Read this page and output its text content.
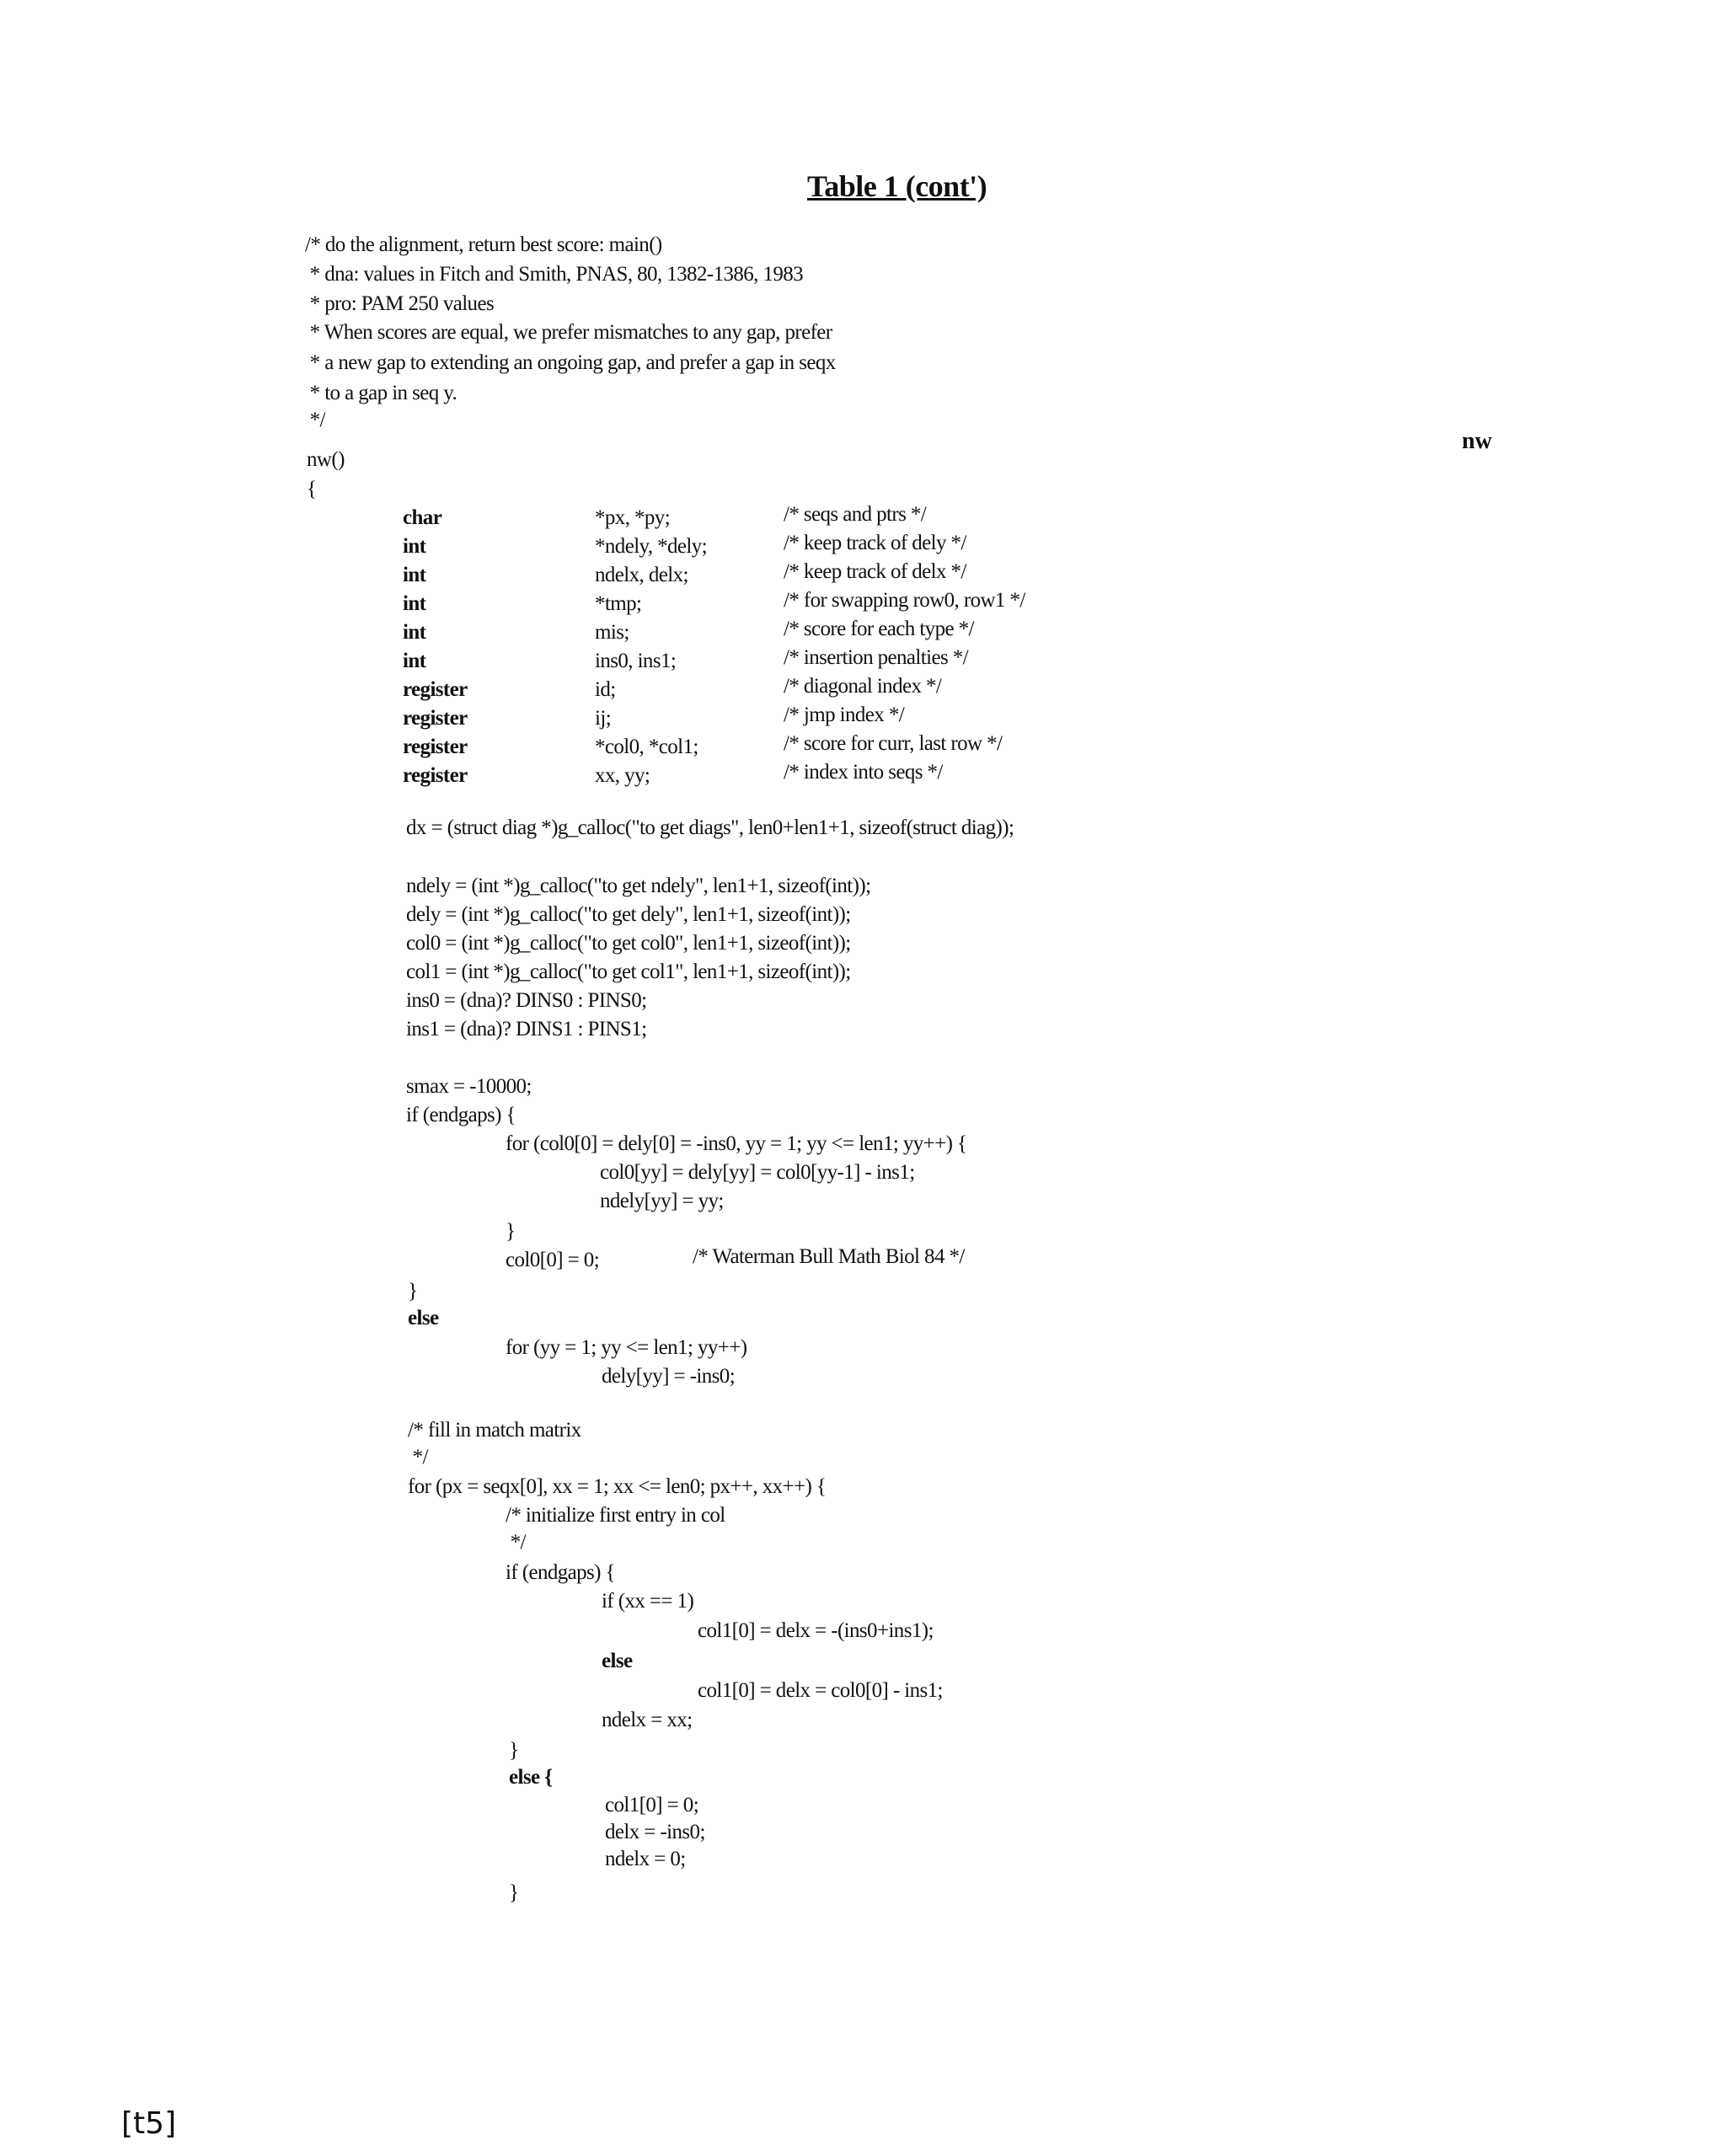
Table 1 (cont')
/* do the alignment, return best score: main()
* dna: values in Fitch and Smith, PNAS, 80, 1382-1386, 1983
* pro: PAM 250 values
* When scores are equal, we prefer mismatches to any gap, prefer
* a new gap to extending an ongoing gap, and prefer a gap in seqx
* to a gap in seq y.
*/
nw()
{
nw
char	*px, *py;	/* seqs and ptrs */
int	*ndely, *dely;	/* keep track of dely */
int	ndelx, delx;	/* keep track of delx */
int	*tmp;	/* for swapping row0, row1 */
int	mis;	/* score for each type */
int	ins0, ins1;	/* insertion penalties */
register	id;	/* diagonal index */
register	ij;	/* jmp index */
register	*col0, *col1;	/* score for curr, last row */
register	xx, yy;	/* index into seqs */
dx = (struct diag *)g_calloc("to get diags", len0+len1+1, sizeof(struct diag));
ndely = (int *)g_calloc("to get ndely", len1+1, sizeof(int));
dely = (int *)g_calloc("to get dely", len1+1, sizeof(int));
col0 = (int *)g_calloc("to get col0", len1+1, sizeof(int));
col1 = (int *)g_calloc("to get col1", len1+1, sizeof(int));
ins0 = (dna)? DINS0 : PINS0;
ins1 = (dna)? DINS1 : PINS1;
smax = -10000;
if (endgaps) {
for (col0[0] = dely[0] = -ins0, yy = 1; yy <= len1; yy++) {
col0[yy] = dely[yy] = col0[yy-1] - ins1;
ndely[yy] = yy;
}
col0[0] = 0;	/* Waterman Bull Math Biol 84 */
}
else
for (yy = 1; yy <= len1; yy++)
dely[yy] = -ins0;
/* fill in match matrix
*/
for (px = seqx[0], xx = 1; xx <= len0; px++, xx++) {
/* initialize first entry in col
*/
if (endgaps) {
if (xx == 1)
col1[0] = delx = -(ins0+ins1);
else
col1[0] = delx = col0[0] - ins1;
ndelx = xx;
}
else {
col1[0] = 0;
delx = -ins0;
ndelx = 0;
}
[t5]
